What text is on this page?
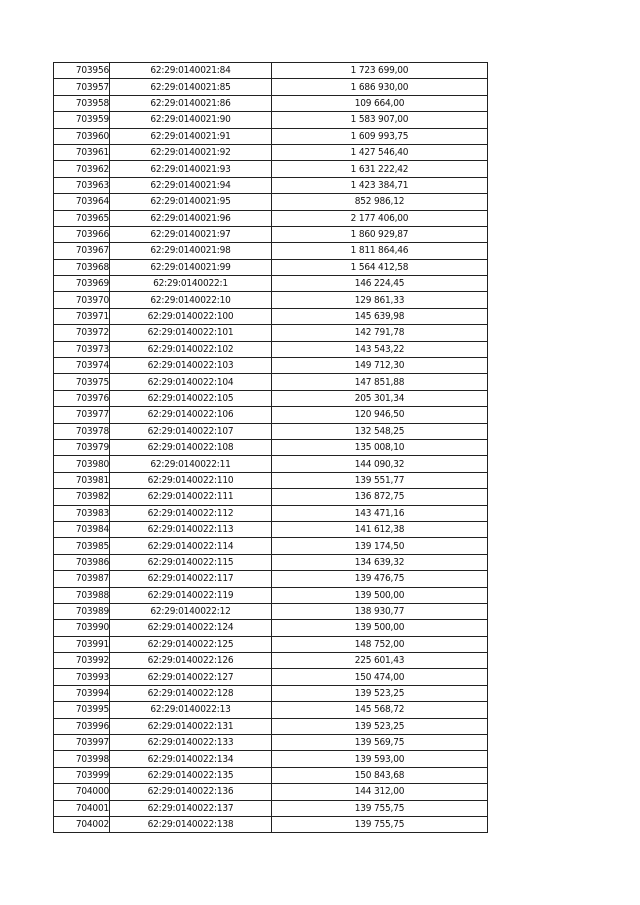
703956	62:29:0140021:84	1 723 699,00
703957	62:29:0140021:85	1 686 930,00
703958	62:29:0140021:86	109 664,00
703959	62:29:0140021:90	1 583 907,00
703960	62:29:0140021:91	1 609 993,75
703961	62:29:0140021:92	1 427 546,40
703962	62:29:0140021:93	1 631 222,42
703963	62:29:0140021:94	1 423 384,71
703964	62:29:0140021:95	852 986,12
703965	62:29:0140021:96	2 177 406,00
703966	62:29:0140021:97	1 860 929,87
703967	62:29:0140021:98	1 811 864,46
703968	62:29:0140021:99	1 564 412,58
703969	62:29:0140022:1	146 224,45
703970	62:29:0140022:10	129 861,33
703971	62:29:0140022:100	145 639,98
703972	62:29:0140022:101	142 791,78
703973	62:29:0140022:102	143 543,22
703974	62:29:0140022:103	149 712,30
703975	62:29:0140022:104	147 851,88
703976	62:29:0140022:105	205 301,34
703977	62:29:0140022:106	120 946,50
703978	62:29:0140022:107	132 548,25
703979	62:29:0140022:108	135 008,10
703980	62:29:0140022:11	144 090,32
703981	62:29:0140022:110	139 551,77
703982	62:29:0140022:111	136 872,75
703983	62:29:0140022:112	143 471,16
703984	62:29:0140022:113	141 612,38
703985	62:29:0140022:114	139 174,50
703986	62:29:0140022:115	134 639,32
703987	62:29:0140022:117	139 476,75
703988	62:29:0140022:119	139 500,00
703989	62:29:0140022:12	138 930,77
703990	62:29:0140022:124	139 500,00
703991	62:29:0140022:125	148 752,00
703992	62:29:0140022:126	225 601,43
703993	62:29:0140022:127	150 474,00
703994	62:29:0140022:128	139 523,25
703995	62:29:0140022:13	145 568,72
703996	62:29:0140022:131	139 523,25
703997	62:29:0140022:133	139 569,75
703998	62:29:0140022:134	139 593,00
703999	62:29:0140022:135	150 843,68
704000	62:29:0140022:136	144 312,00
704001	62:29:0140022:137	139 755,75
704002	62:29:0140022:138	139 755,75
